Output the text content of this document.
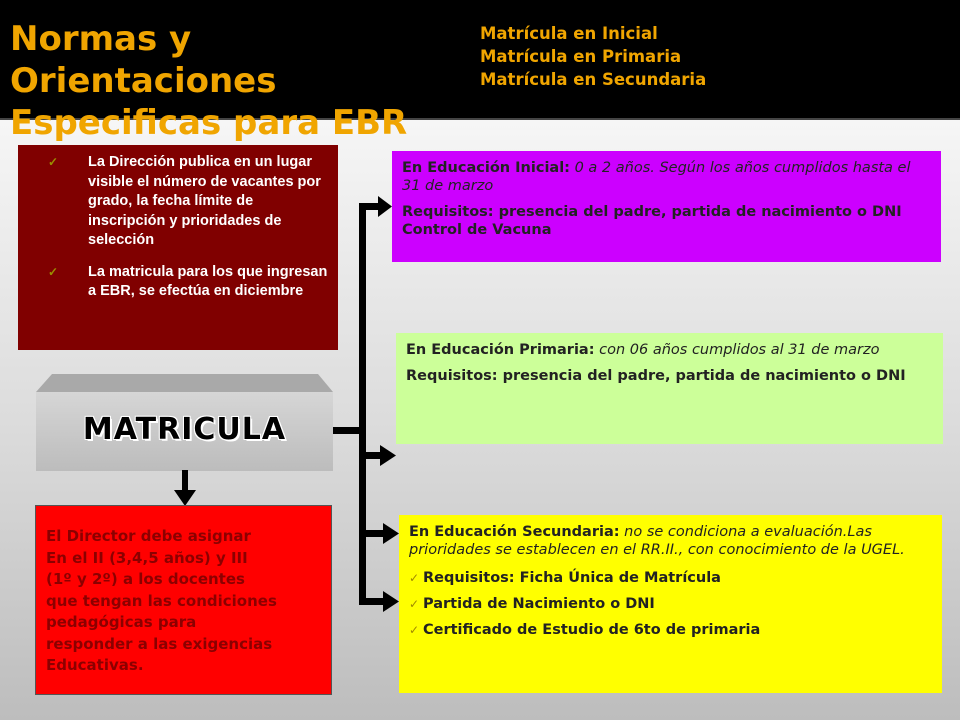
Normas y Orientaciones
Especificas para EBR
Matrícula en Inicial
Matrícula en Primaria
Matrícula en Secundaria
✓ La Dirección publica en un lugar visible el número de vacantes por grado, la fecha límite de inscripción y prioridades de selección
✓ La matricula para los que ingresan a EBR, se efectúa en diciembre
MATRICULA
El Director debe asignar
En el II (3,4,5 años) y III
(1º y 2º) a los docentes
que tengan las condiciones
pedagógicas para
responder a las exigencias
Educativas.
En Educación Inicial: 0 a 2 años. Según los años cumplidos hasta el 31 de marzo
Requisitos: presencia del padre, partida de nacimiento o DNI Control de Vacuna
En Educación Primaria: con 06 años cumplidos al 31 de marzo
Requisitos: presencia del padre, partida de nacimiento o DNI
En Educación Secundaria: no se condiciona a evaluación.Las prioridades se establecen en el RR.II., con conocimiento de la UGEL.
✓ Requisitos: Ficha Única de Matrícula
✓ Partida de Nacimiento o DNI
✓ Certificado de Estudio de 6to de primaria
